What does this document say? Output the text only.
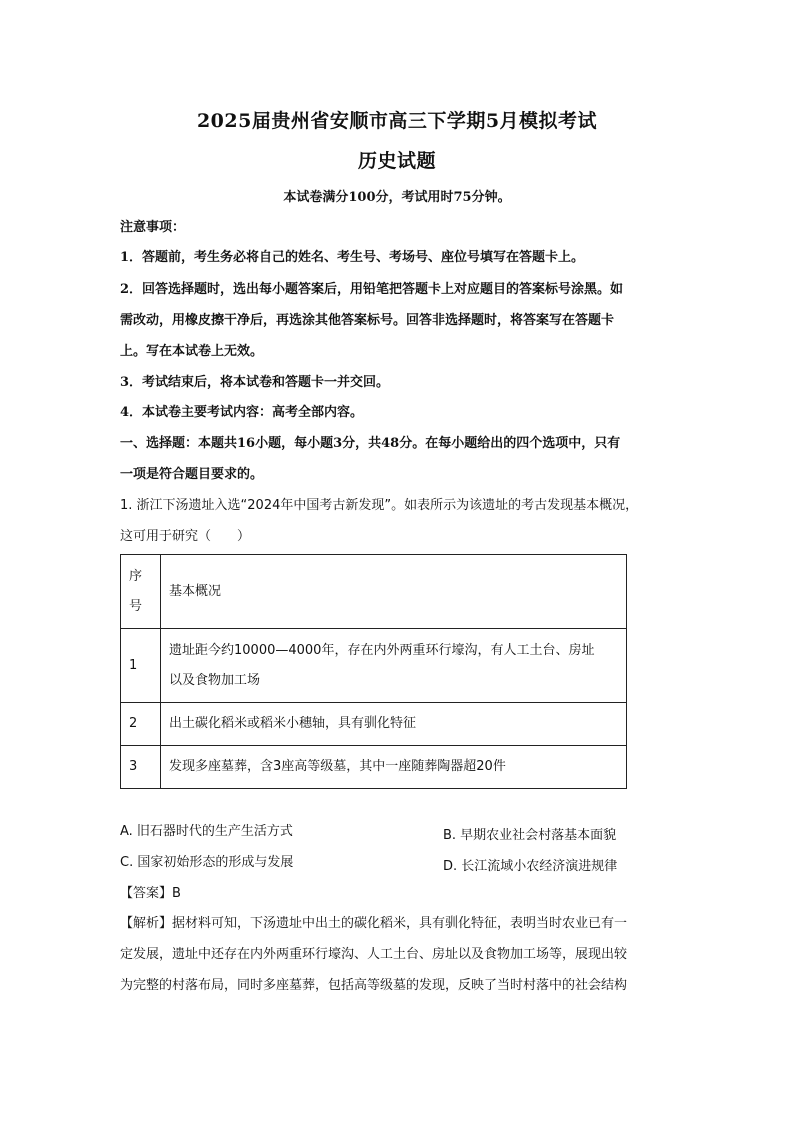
2025届贵州省安顺市高三下学期5月模拟考试
历史试题
本试卷满分100分，考试用时75分钟。
注意事项：
1．答题前，考生务必将自己的姓名、考生号、考场号、座位号填写在答题卡上。
2．回答选择题时，选出每小题答案后，用铅笔把答题卡上对应题目的答案标号涂黑。如
需改动，用橡皮擦干净后，再选涂其他答案标号。回答非选择题时，将答案写在答题卡
上。写在本试卷上无效。
3．考试结束后，将本试卷和答题卡一并交回。
4．本试卷主要考试内容：高考全部内容。
一、选择题：本题共16小题，每小题3分，共48分。在每小题给出的四个选项中，只有
一项是符合题目要求的。
1. 浙江下汤遗址入选“2024年中国考古新发现”。如表所示为该遗址的考古发现基本概况，
这可用于研究（　　）
序
号	基本概况
1	遗址距今约10000—4000年，存在内外两重环行壕沟，有人工土台、房址
以及食物加工场

2	出土碳化稻米或稻米小穗轴，具有驯化特征
3	发现多座墓葬，含3座高等级墓，其中一座随葬陶器超20件
A. 旧石器时代的生产生活方式	B. 早期农业社会村落基本面貌
C. 国家初始形态的形成与发展	D. 长江流域小农经济演进规律
【答案】B
【解析】据材料可知，下汤遗址中出土的碳化稻米，具有驯化特征，表明当时农业已有一
定发展，遗址中还存在内外两重环行壕沟、人工土台、房址以及食物加工场等，展现出较
为完整的村落布局，同时多座墓葬，包括高等级墓的发现，反映了当时村落中的社会结构
